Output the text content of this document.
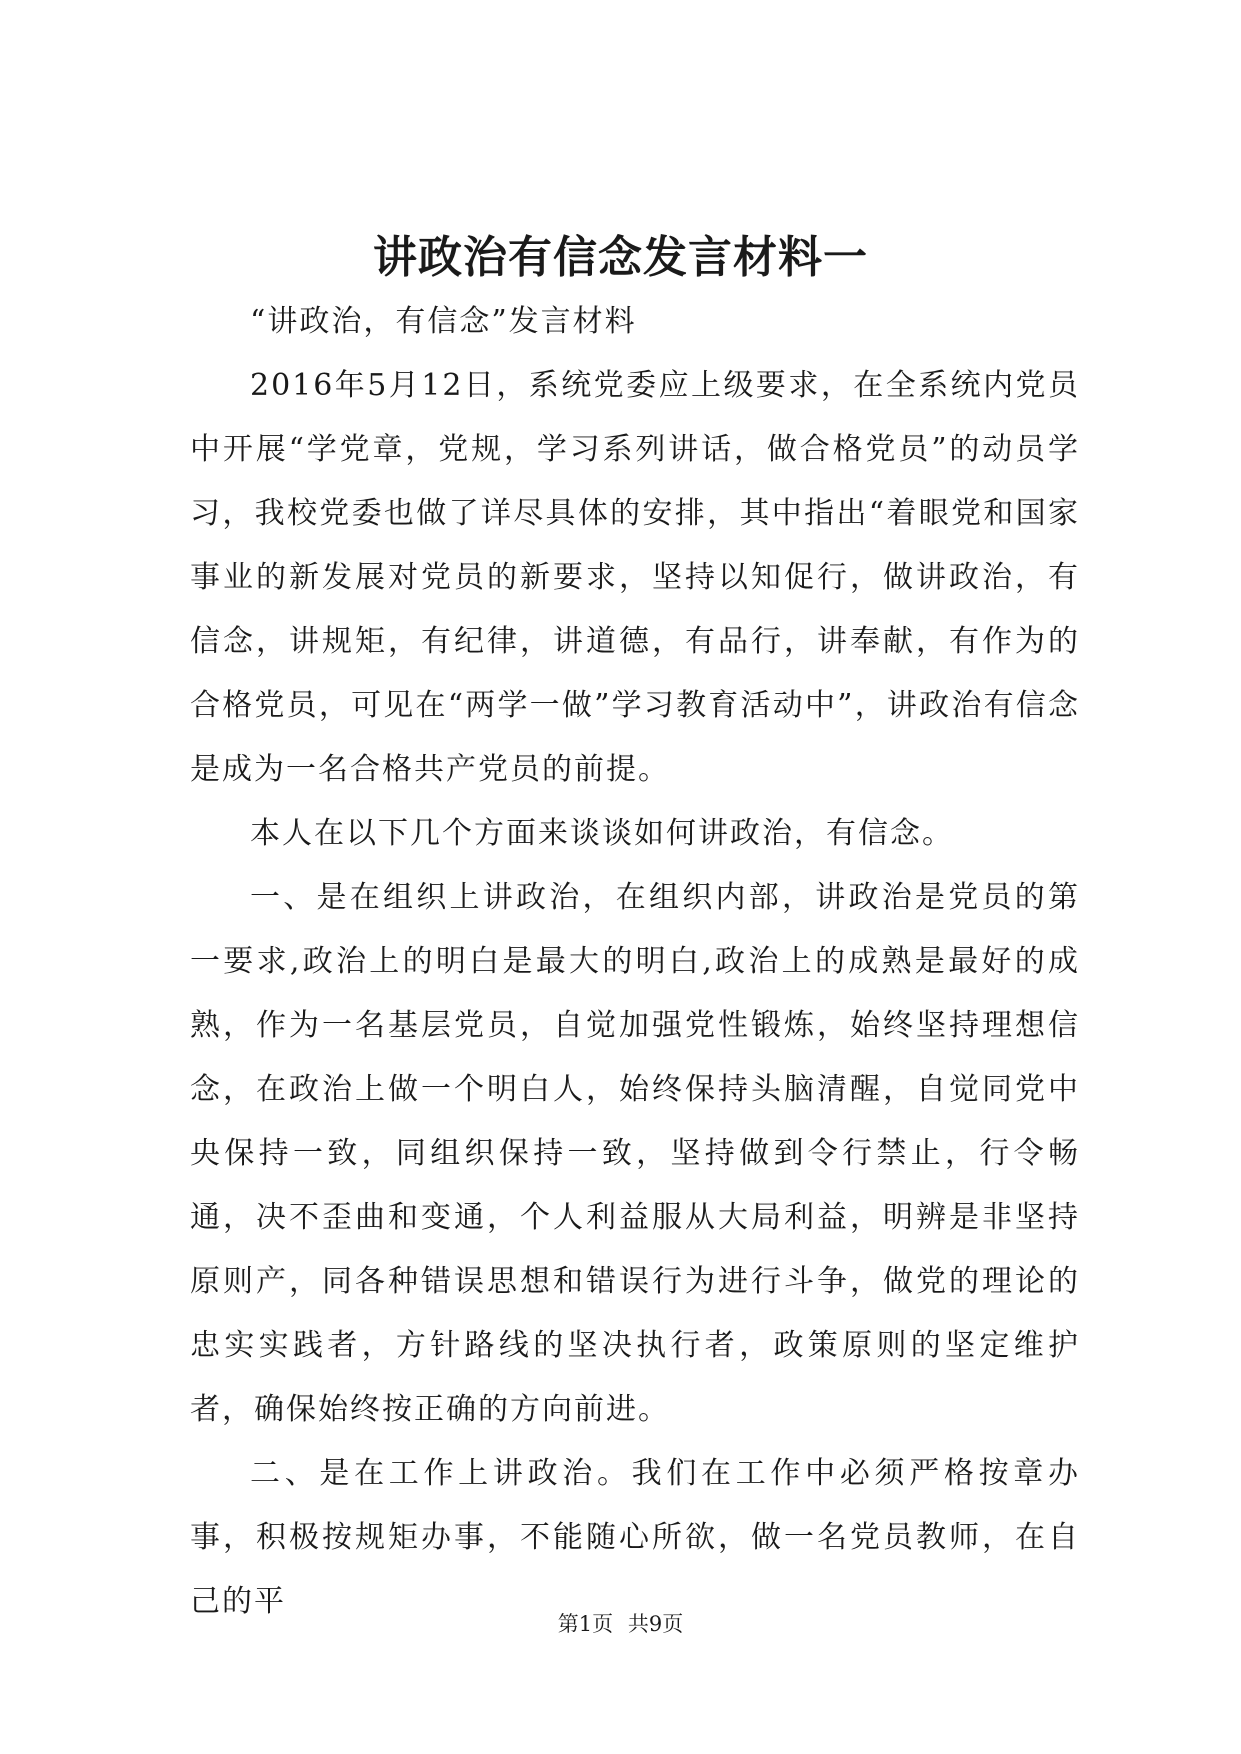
讲政治有信念发言材料一

“讲政治，有信念”发言材料

2016年5月12日，系统党委应上级要求，在全系统内党员中开展“学党章，党规，学习系列讲话，做合格党员”的动员学习，我校党委也做了详尽具体的安排，其中指出“着眼党和国家事业的新发展对党员的新要求，坚持以知促行，做讲政治，有信念，讲规矩，有纪律，讲道德，有品行，讲奉献，有作为的合格党员，可见在“两学一做”学习教育活动中”，讲政治有信念是成为一名合格共产党员的前提。

本人在以下几个方面来谈谈如何讲政治，有信念。

一、是在组织上讲政治，在组织内部，讲政治是党员的第一要求,政治上的明白是最大的明白,政治上的成熟是最好的成熟，作为一名基层党员，自觉加强党性锻炼，始终坚持理想信念，在政治上做一个明白人，始终保持头脑清醒，自觉同党中央保持一致，同组织保持一致，坚持做到令行禁止，行令畅通，决不歪曲和变通，个人利益服从大局利益，明辨是非坚持原则产，同各种错误思想和错误行为进行斗争，做党的理论的忠实实践者，方针路线的坚决执行者，政策原则的坚定维护者，确保始终按正确的方向前进。

二、是在工作上讲政治。我们在工作中必须严格按章办事，积极按规矩办事，不能随心所欲，做一名党员教师，在自己的平

第1页 共9页
